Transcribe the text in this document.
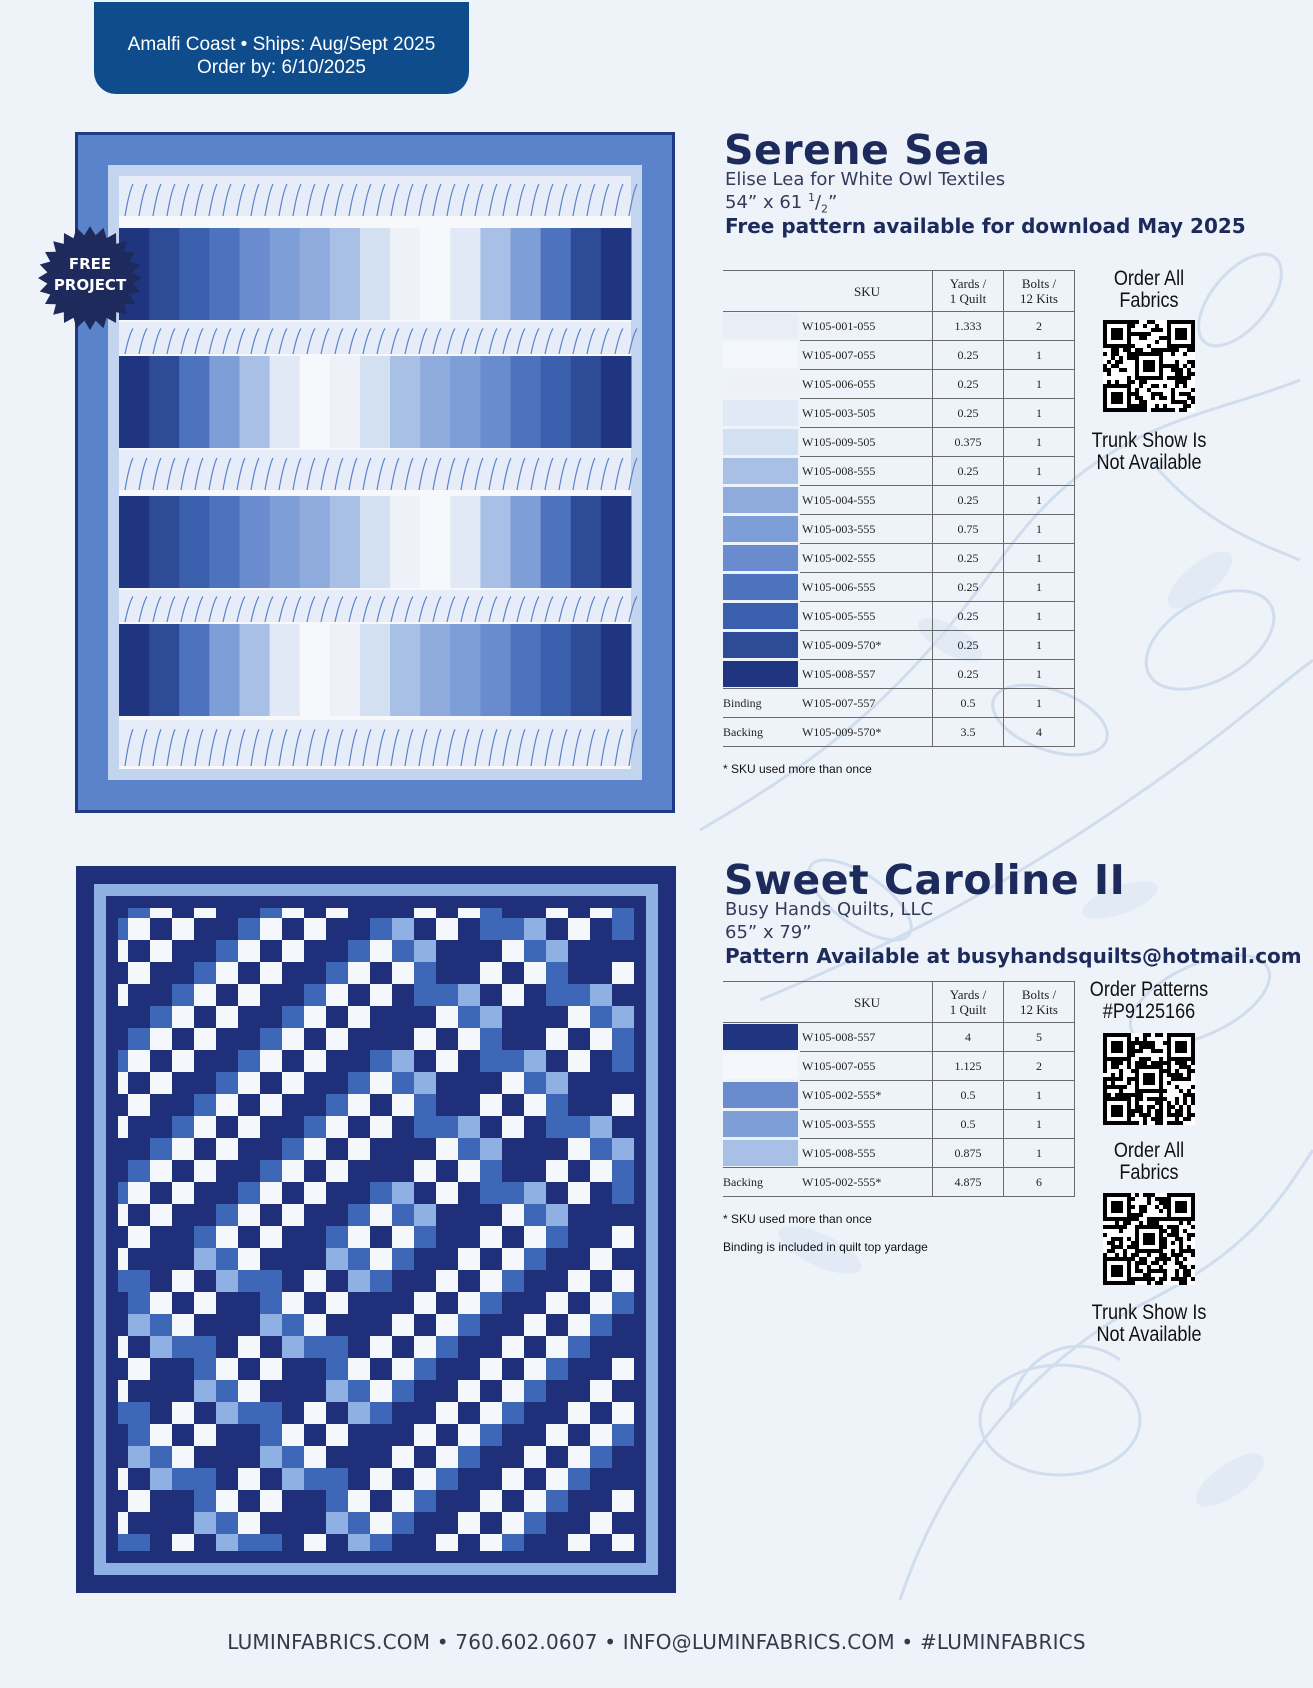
Amalfi Coast • Ships: Aug/Sept 2025
Order by: 6/10/2025
FREE
PROJECT
Serene Sea
Elise Lea for White Owl Textiles
54” x 61 $^1/_2$”
Free pattern available for download May 2025
	SKU	Yards /
1 Quilt	Bolts /
12 Kits

	W105-001-055	1.333	2

	W105-007-055	0.25	1

	W105-006-055	0.25	1

	W105-003-505	0.25	1

	W105-009-505	0.375	1

	W105-008-555	0.25	1

	W105-004-555	0.25	1

	W105-003-555	0.75	1

	W105-002-555	0.25	1

	W105-006-555	0.25	1

	W105-005-555	0.25	1

	W105-009-570*	0.25	1

	W105-008-557	0.25	1
Binding	W105-007-557	0.5	1
Backing	W105-009-570*	3.5	4
* SKU used more than once
Order All
Fabrics
Trunk Show Is
Not Available
Sweet Caroline II
Busy Hands Quilts, LLC
65” x 79”
Pattern Available at busyhandsquilts@hotmail.com
	SKU	Yards /
1 Quilt	Bolts /
12 Kits

	W105-008-557	4	5

	W105-007-055	1.125	2

	W105-002-555*	0.5	1

	W105-003-555	0.5	1

	W105-008-555	0.875	1
Backing	W105-002-555*	4.875	6
* SKU used more than once
Binding is included in quilt top yardage
Order Patterns
#P9125166
Order All
Fabrics
Trunk Show Is
Not Available
LUMINFABRICS.COM • 760.602.0607 • INFO@LUMINFABRICS.COM • #LUMINFABRICS
